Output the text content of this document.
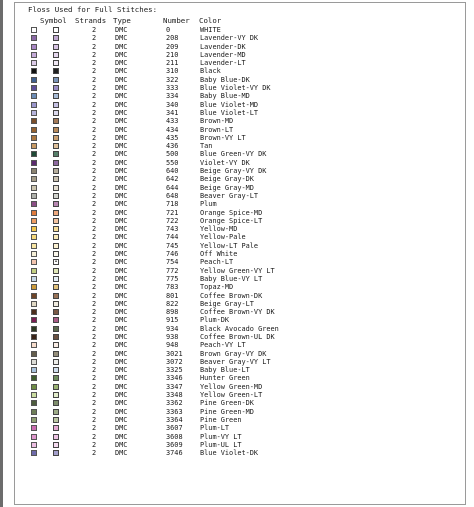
Floss Used for Full Stitches:
Symbol Strands Type	Number Color
2	DMC	0	WHITE
2	DMC	208	Lavender-VY DK
2	DMC	209	Lavender-DK
2	DMC	210	Lavender-MD
2	DMC	211	Lavender-LT
2	DMC	310	Black
2	DMC	322	Baby Blue-DK
2	DMC	333	Blue Violet-VY DK
2	DMC	334	Baby Blue-MD
2	DMC	340	Blue Violet-MD
2	DMC	341	Blue Violet-LT
2	DMC	433	Brown-MD
2	DMC	434	Brown-LT
2	DMC	435	Brown-VY LT
2	DMC	436	Tan
2	DMC	500	Blue Green-VY DK
2	DMC	550	Violet-VY DK
2	DMC	640	Beige Gray-VY DK
2	DMC	642	Beige Gray-DK
2	DMC	644	Beige Gray-MD
2	DMC	648	Beaver Gray-LT
2	DMC	718	Plum
2	DMC	721	Orange Spice-MD
2	DMC	722	Orange Spice-LT
2	DMC	743	Yellow-MD
2	DMC	744	Yellow-Pale
2	DMC	745	Yellow-LT Pale
2	DMC	746	Off White
•	2	DMC	754	Peach-LT
2	DMC	772	Yellow Green-VY LT
2	DMC	775	Baby Blue-VY LT
2	DMC	783	Topaz-MD
2	DMC	801	Coffee Brown-DK
2	DMC	822	Beige Gray-LT
2	DMC	898	Coffee Brown-VY DK
2	DMC	915	Plum-DK
2	DMC	934	Black Avocado Green
2	DMC	938	Coffee Brown-UL DK
2	DMC	948	Peach-VY LT
2	DMC	3021	Brown Gray-VY DK
2	DMC	3072	Beaver Gray-VY LT
2	DMC	3325	Baby Blue-LT
2	DMC	3346	Hunter Green
2	DMC	3347	Yellow Green-MD
2	DMC	3348	Yellow Green-LT
2	DMC	3362	Pine Green-DK
2	DMC	3363	Pine Green-MD
2	DMC	3364	Pine Green
2	DMC	3607	Plum-LT
2	DMC	3608	Plum-VY LT
2	DMC	3609	Plum-UL LT
2	DMC	3746	Blue Violet-DK
